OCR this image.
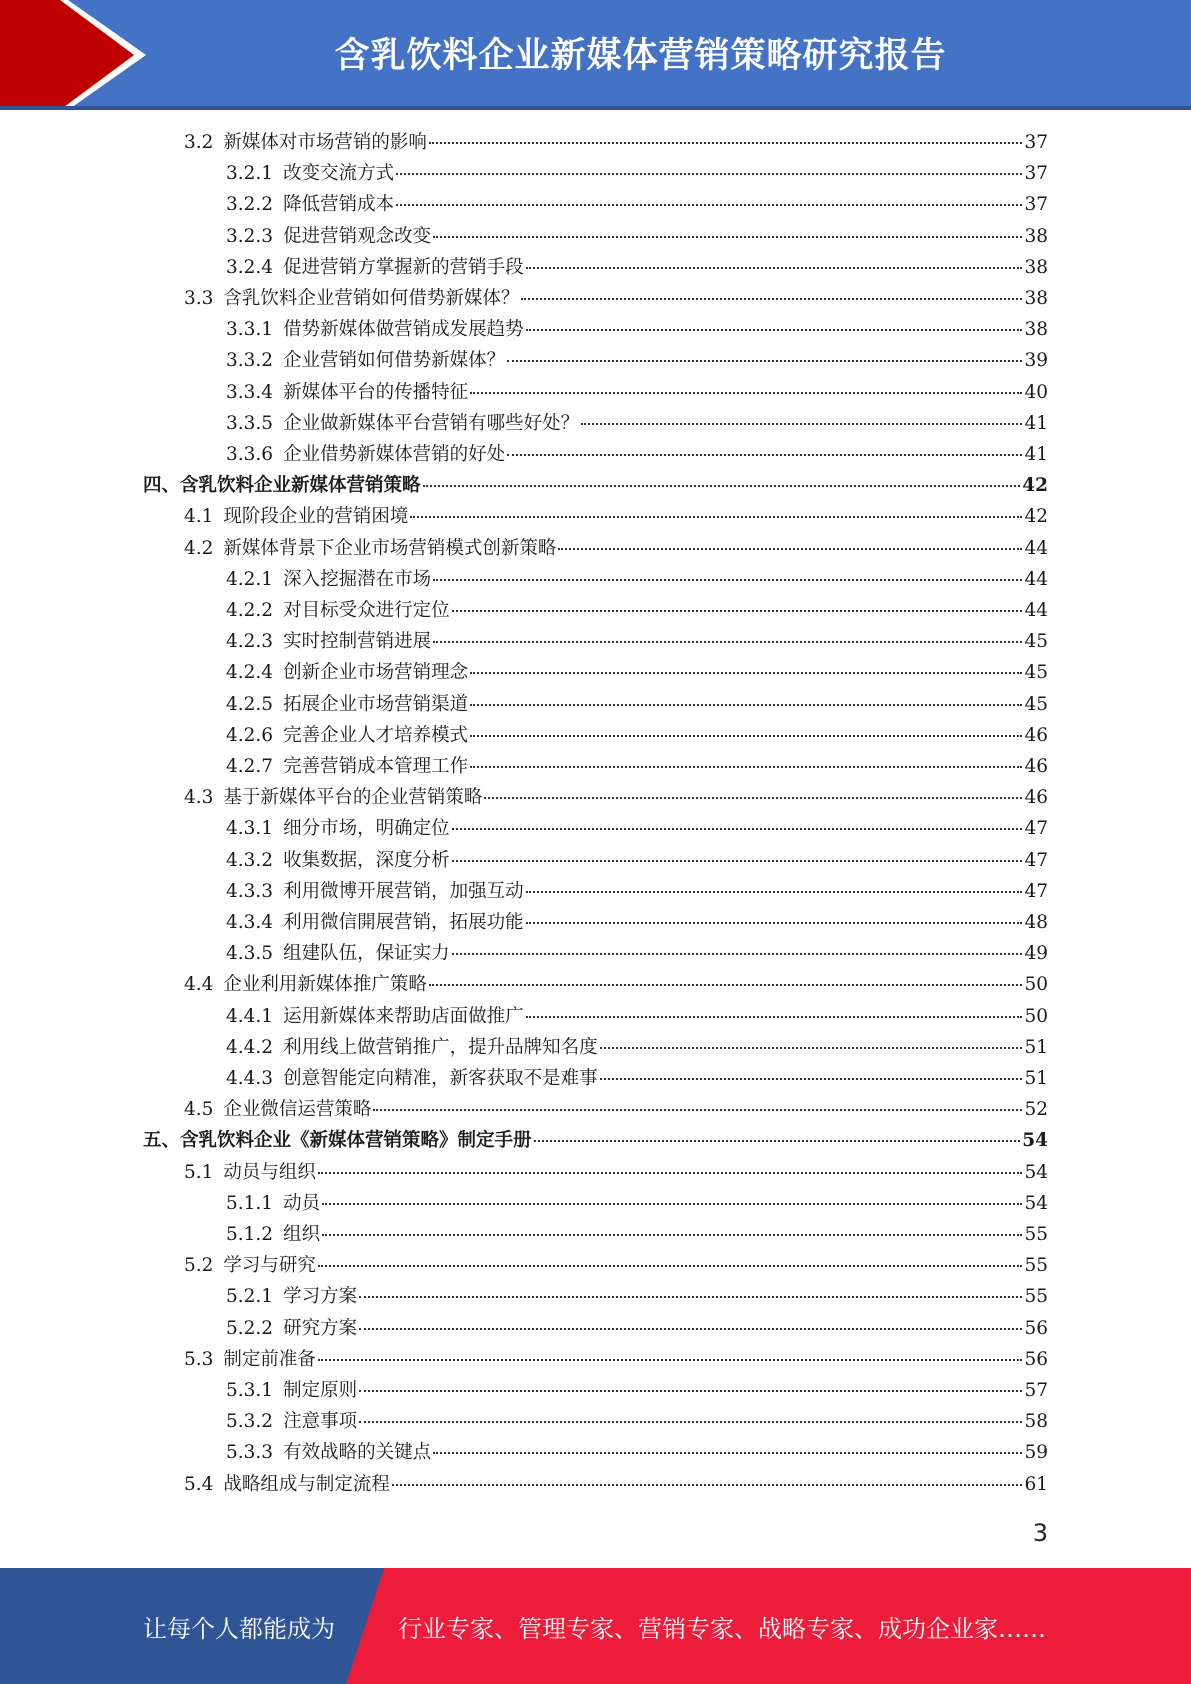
含乳饮料企业新媒体营销策略研究报告
3.2 新媒体对市场营销的影响	37
3.2.1 改变交流方式	37
3.2.2 降低营销成本	37
3.2.3 促进营销观念改变	38
3.2.4 促进营销方掌握新的营销手段	38
3.3 含乳饮料企业营销如何借势新媒体？	38
3.3.1 借势新媒体做营销成发展趋势	38
3.3.2 企业营销如何借势新媒体？	39
3.3.4 新媒体平台的传播特征	40
3.3.5 企业做新媒体平台营销有哪些好处？	41
3.3.6 企业借势新媒体营销的好处	41
四、含乳饮料企业新媒体营销策略	42
4.1 现阶段企业的营销困境	42
4.2 新媒体背景下企业市场营销模式创新策略	44
4.2.1 深入挖掘潜在市场	44
4.2.2 对目标受众进行定位	44
4.2.3 实时控制营销进展	45
4.2.4 创新企业市场营销理念	45
4.2.5 拓展企业市场营销渠道	45
4.2.6 完善企业人才培养模式	46
4.2.7 完善营销成本管理工作	46
4.3 基于新媒体平台的企业营销策略	46
4.3.1 细分市场，明确定位	47
4.3.2 收集数据，深度分析	47
4.3.3 利用微博开展营销，加强互动	47
4.3.4 利用微信開展营销，拓展功能	48
4.3.5 组建队伍，保证实力	49
4.4 企业利用新媒体推广策略	50
4.4.1 运用新媒体来帮助店面做推广	50
4.4.2 利用线上做营销推广，提升品牌知名度	51
4.4.3 创意智能定向精准，新客获取不是难事	51
4.5 企业微信运营策略	52
五、含乳饮料企业《新媒体营销策略》制定手册	54
5.1 动员与组织	54
5.1.1 动员	54
5.1.2 组织	55
5.2 学习与研究	55
5.2.1 学习方案	55
5.2.2 研究方案	56
5.3 制定前准备	56
5.3.1 制定原则	57
5.3.2 注意事项	58
5.3.3 有效战略的关键点	59
5.4 战略组成与制定流程	61
3
让每个人都能成为	行业专家、管理专家、营销专家、战略专家、成功企业家……
